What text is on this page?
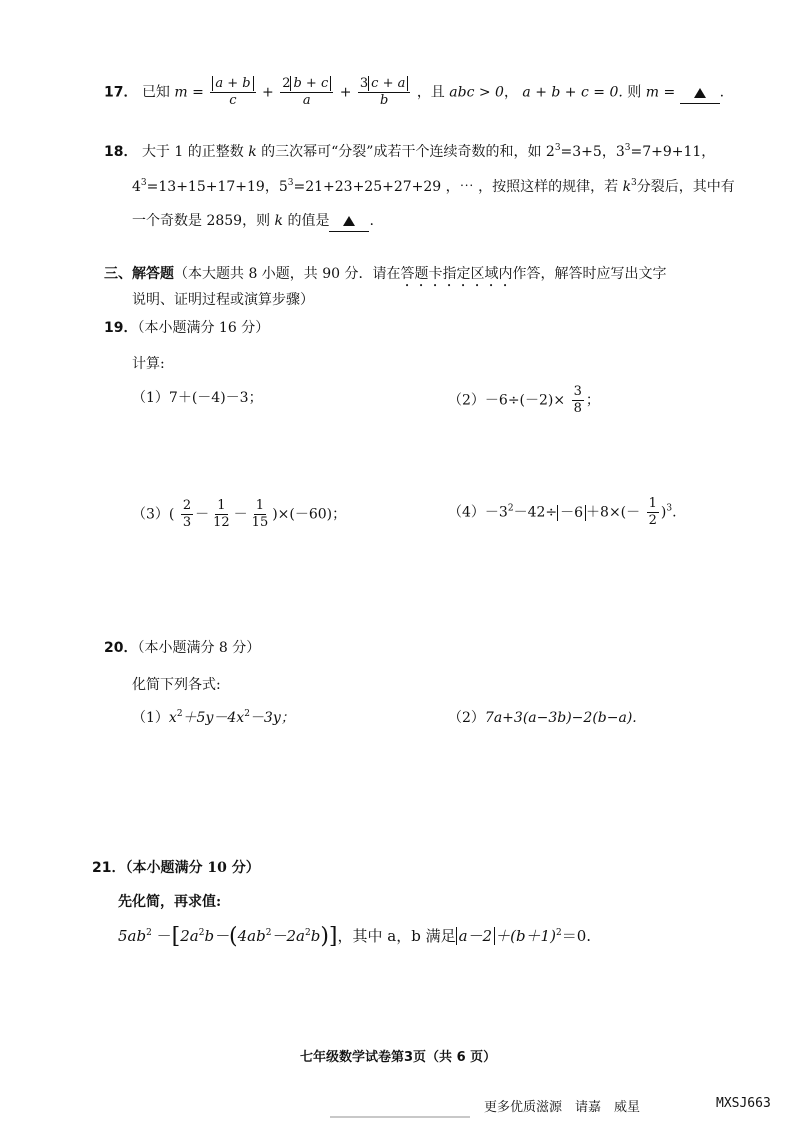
17． 已知 $m = \frac{a + b}{c} + \frac{2 b + c}{a} + \frac{3 c + a}{b}$ ，且 abc > 0， a + b + c = 0. 则 m =	.
18． 大于 1 的正整数 k 的三次幂可“分裂”成若干个连续奇数的和，如 $2^3=3+5$，$3^3=7+9+11$，
$4^3=13+15+17+19$，$5^3=21+23+25+27+29$ ，⋯ ，按照这样的规律，若 $k^3$分裂后，其中有
一个奇数是 2859，则 k 的值是	.
三、解答题（本大题共 8 小题，共 90 分．请在答题卡指定区域内作答，解答时应写出文字
说明、证明过程或演算步骤）
19．（本小题满分 16 分）
计算:
（1）7＋(－4)－3；	$(2)-6\div(-2)\times \frac{3}{8}$ ；
$(3)( \frac{2}{3} - \frac{1}{12} - \frac{1}{15} )\times(-60)$；	$(4)-3^2-42\div -6 +8\times(- \frac{1}{2} )^3$.
20．（本小题满分 8 分）
化简下列各式:
$(1)x^2+5y-4x^2-3y$；	（2）7a+3(a−3b)−2(b−a).
21．（本小题满分 10 分）
先化简，再求值:
$5ab^2 -[2a^2b-(4ab^2-2a^2b)]$，其中 a，b 满足 $a-2 +(b+1)^2=0$.
七年级数学试卷第3页（共 6 页）
更多优质滋源　请嘉　威星	MXSJ663
